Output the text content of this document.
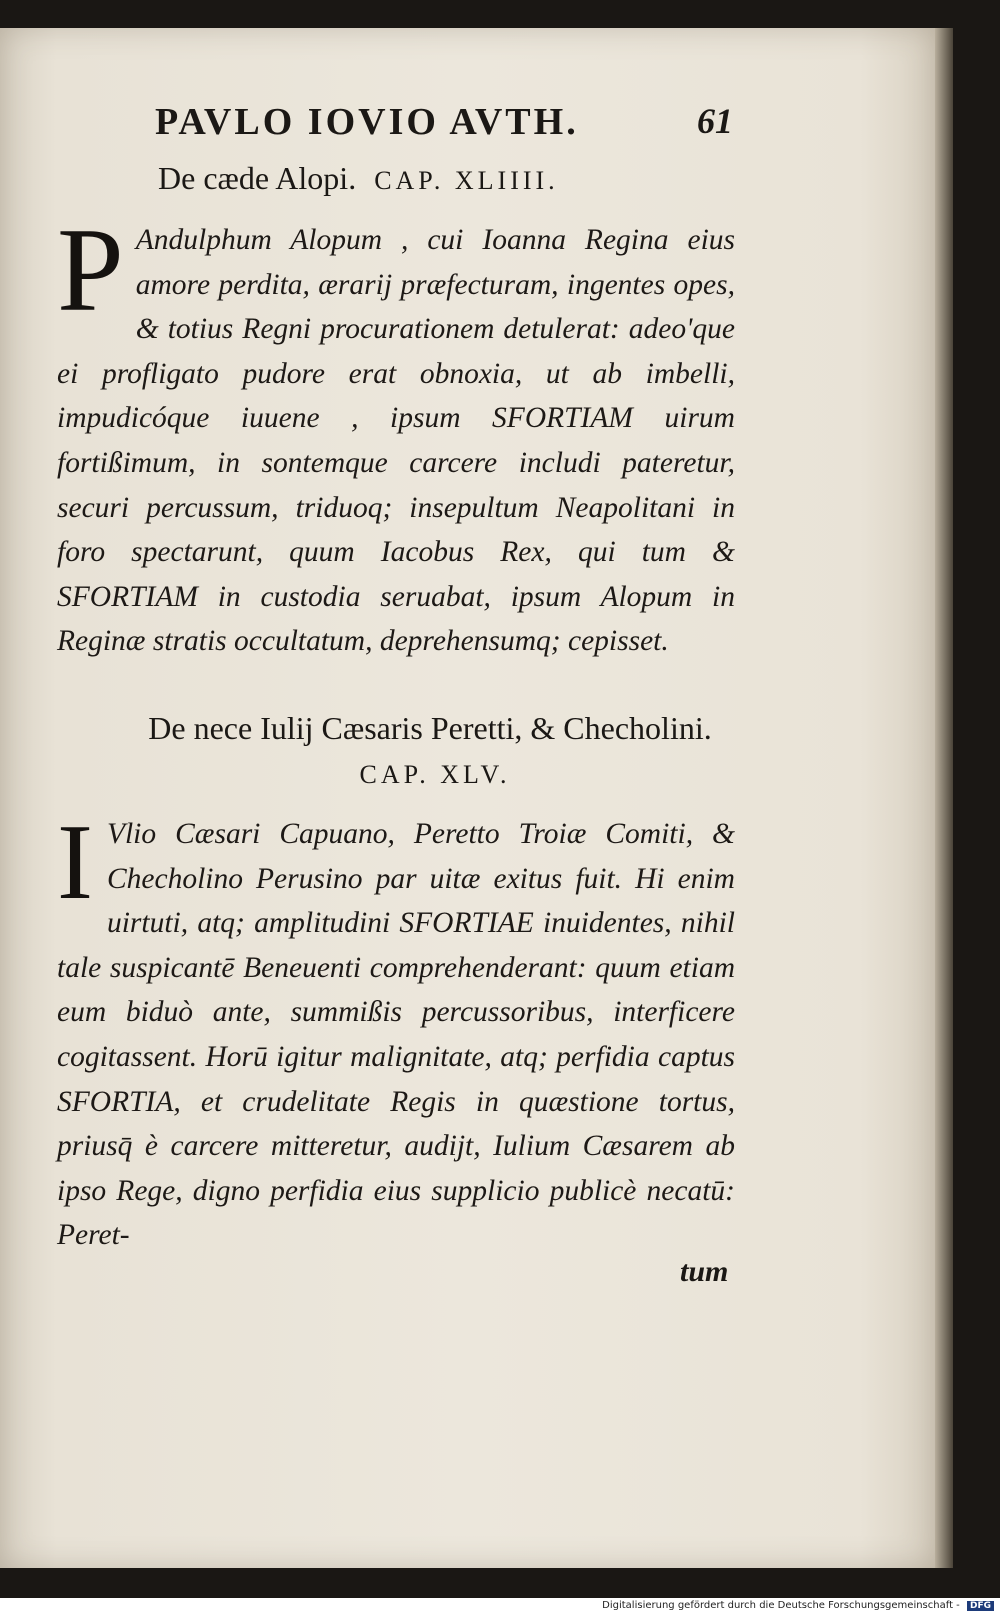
PAVLO IOVIO AVTH.	61
De cæde Alopi. CAP. XLIIII.
P Andulphum Alopum , cui Ioanna Regina eius amore perdita, ærarij præfecturam, ingentes opes, & totius Regni procurationem detulerat: adeo'que ei profligato pudore erat obnoxia, ut ab imbelli, impudicóque iuuene , ipsum SFORTIAM uirum fortißimum, in sontemque carcere includi pateretur, securi percussum, triduoq; insepultum Neapolitani in foro spectarunt, quum Iacobus Rex, qui tum & SFORTIAM in custodia seruabat, ipsum Alopum in Reginæ stratis occultatum, deprehensumq; cepisset.
De nece Iulij Cæsaris Peretti, & Checholini. CAP. XLV.
I Vlio Cæsari Capuano, Peretto Troiæ Comiti, & Checholino Perusino par uitæ exitus fuit. Hi enim uirtuti, atq; amplitudini SFORTIAE inuidentes, nihil tale suspicantē Beneuenti comprehenderant: quum etiam eum biduò ante, summißis percussoribus, interficere cogitassent. Horū igitur malignitate, atq; perfidia captus SFORTIA, et crudelitate Regis in quæstione tortus, priusq̄ è carcere mitteretur, audijt, Iulium Cæsarem ab ipso Rege, digno perfidia eius supplicio publicè necatū: Peret-
tum
Digitalisierung gefördert durch die Deutsche Forschungsgemeinschaft - DFG
